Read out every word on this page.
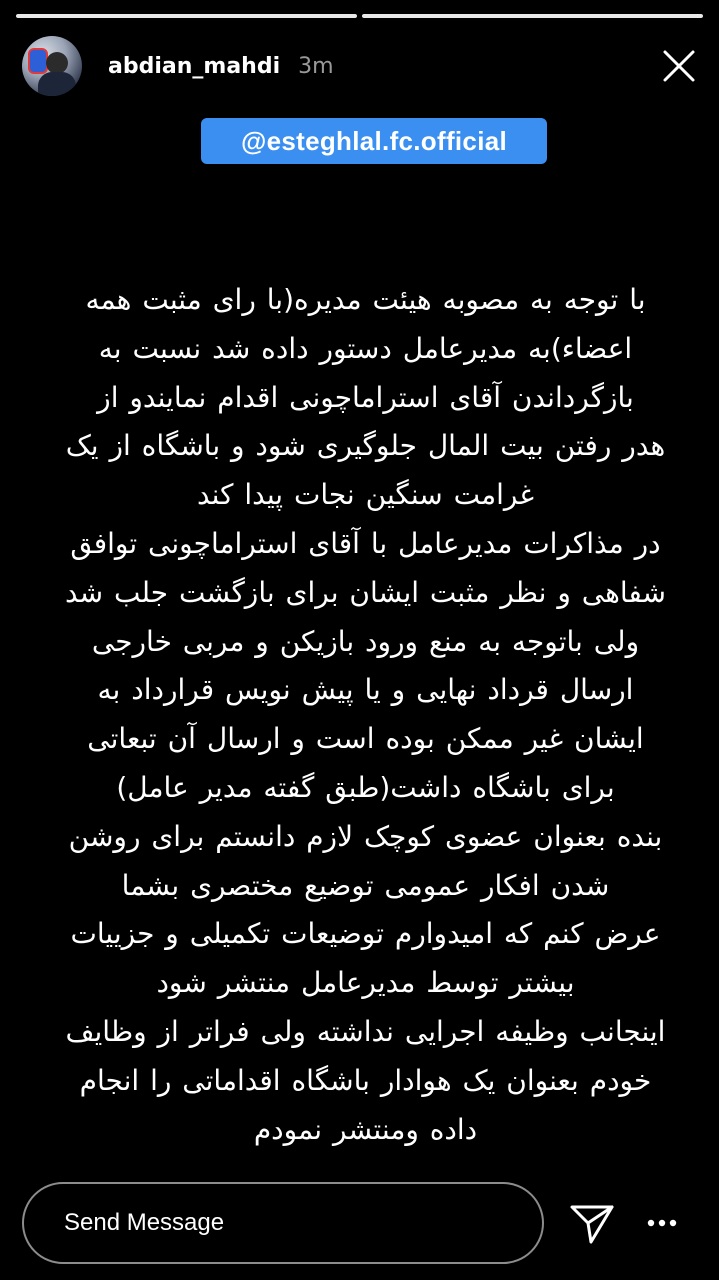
abdian_mahdi 3m
@esteghlal.fc.official
با توجه به مصوبه هیئت مدیره(با رای مثبت همه
اعضاء)به مدیرعامل دستور داده شد نسبت به
بازگرداندن آقای استراماچونی اقدام نمایندو از
هدر رفتن بیت المال جلوگیری شود و باشگاه از یک
غرامت سنگین نجات پیدا کند
در مذاکرات مدیرعامل با آقای استراماچونی توافق
شفاهی و نظر مثبت ایشان برای بازگشت جلب شد
ولی باتوجه به منع ورود بازیکن و مربی خارجی
ارسال قرداد نهایی و یا پیش نویس قرارداد به
ایشان غیر ممکن بوده است و ارسال آن تبعاتی
برای باشگاه داشت(طبق گفته مدیر عامل)
بنده بعنوان عضوی کوچک لازم دانستم برای روشن
شدن افکار عمومی توضیع مختصری بشما
عرض کنم که امیدوارم توضیعات تکمیلی و جزییات
بیشتر توسط مدیرعامل منتشر شود
اینجانب وظیفه اجرایی نداشته ولی فراتر از وظایف
خودم بعنوان یک هوادار باشگاه اقداماتی را انجام
داده ومنتشر نمودم
Send Message
